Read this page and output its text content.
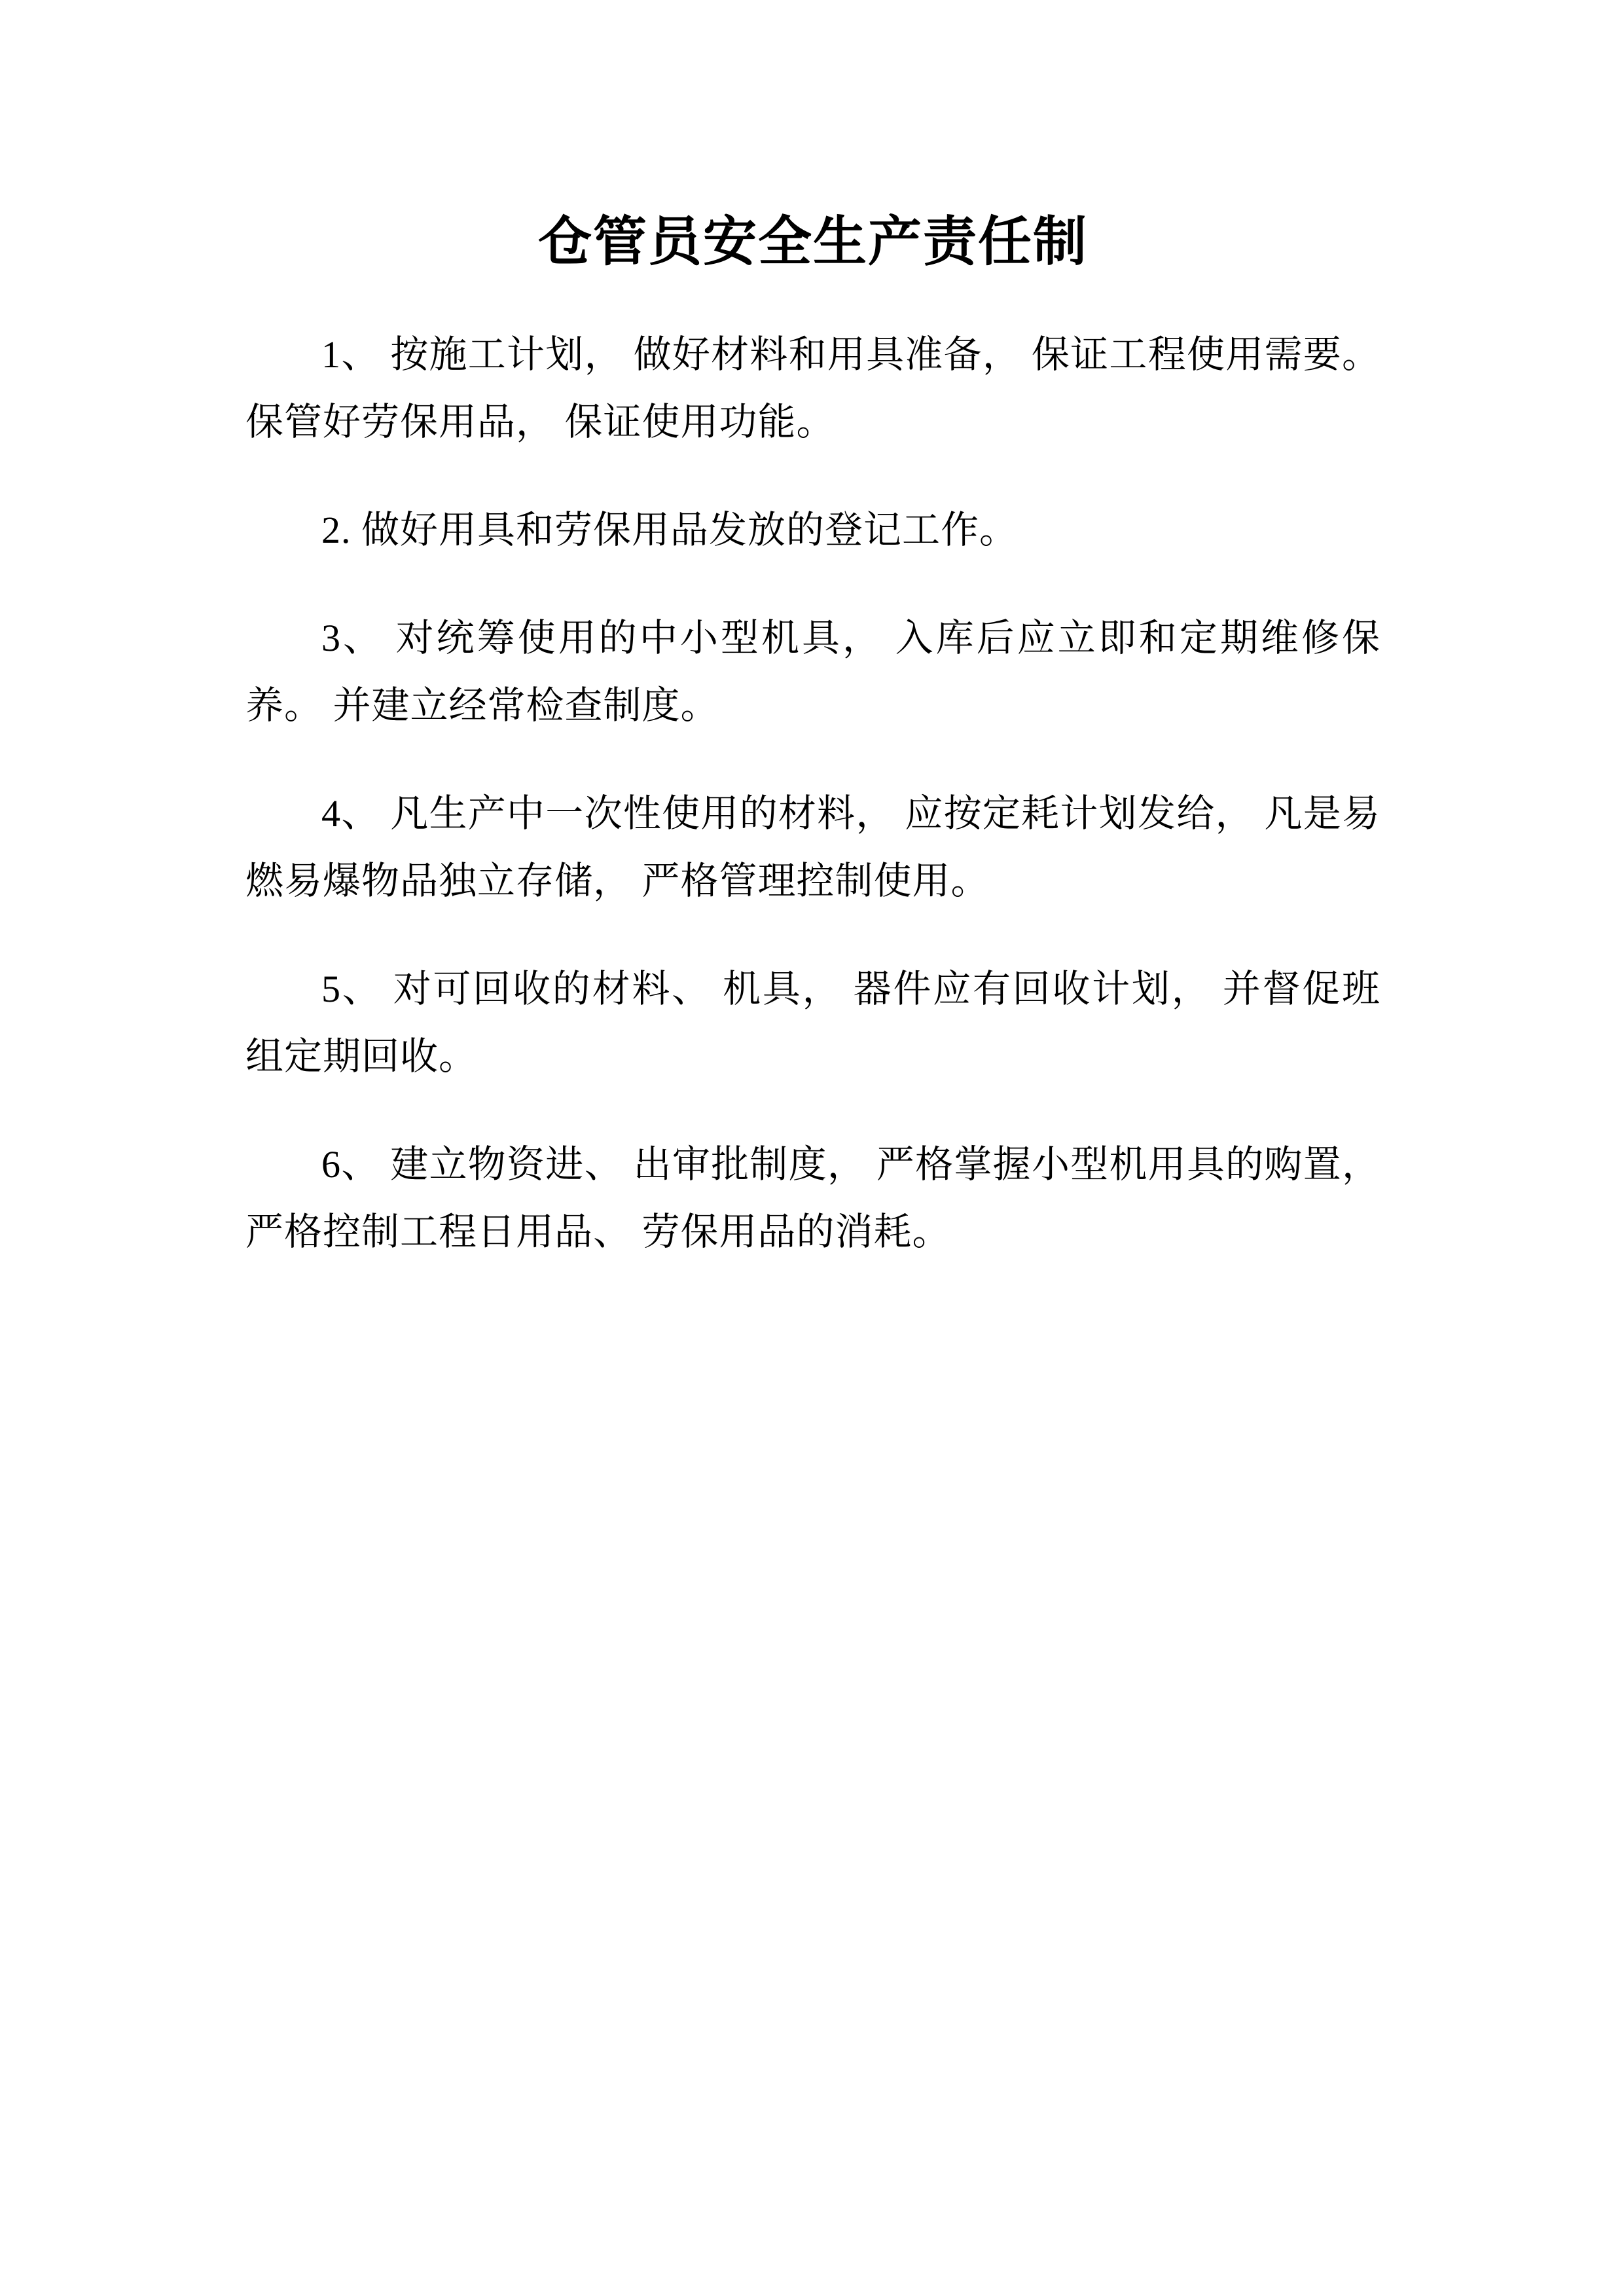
仓管员安全生产责任制

1、 按施工计划， 做好材料和用具准备， 保证工程使用需要。 保管好劳保用品， 保证使用功能。

2. 做好用具和劳保用品发放的登记工作。

3、 对统筹使用的中小型机具， 入库后应立即和定期维修保养。 并建立经常检查制度。

4、 凡生产中一次性使用的材料， 应按定耗计划发给， 凡是易燃易爆物品独立存储， 严格管理控制使用。

5、 对可回收的材料、 机具， 器件应有回收计划， 并督促班组定期回收。

6、 建立物资进、 出审批制度， 严格掌握小型机用具的购置， 严格控制工程日用品、 劳保用品的消耗。
